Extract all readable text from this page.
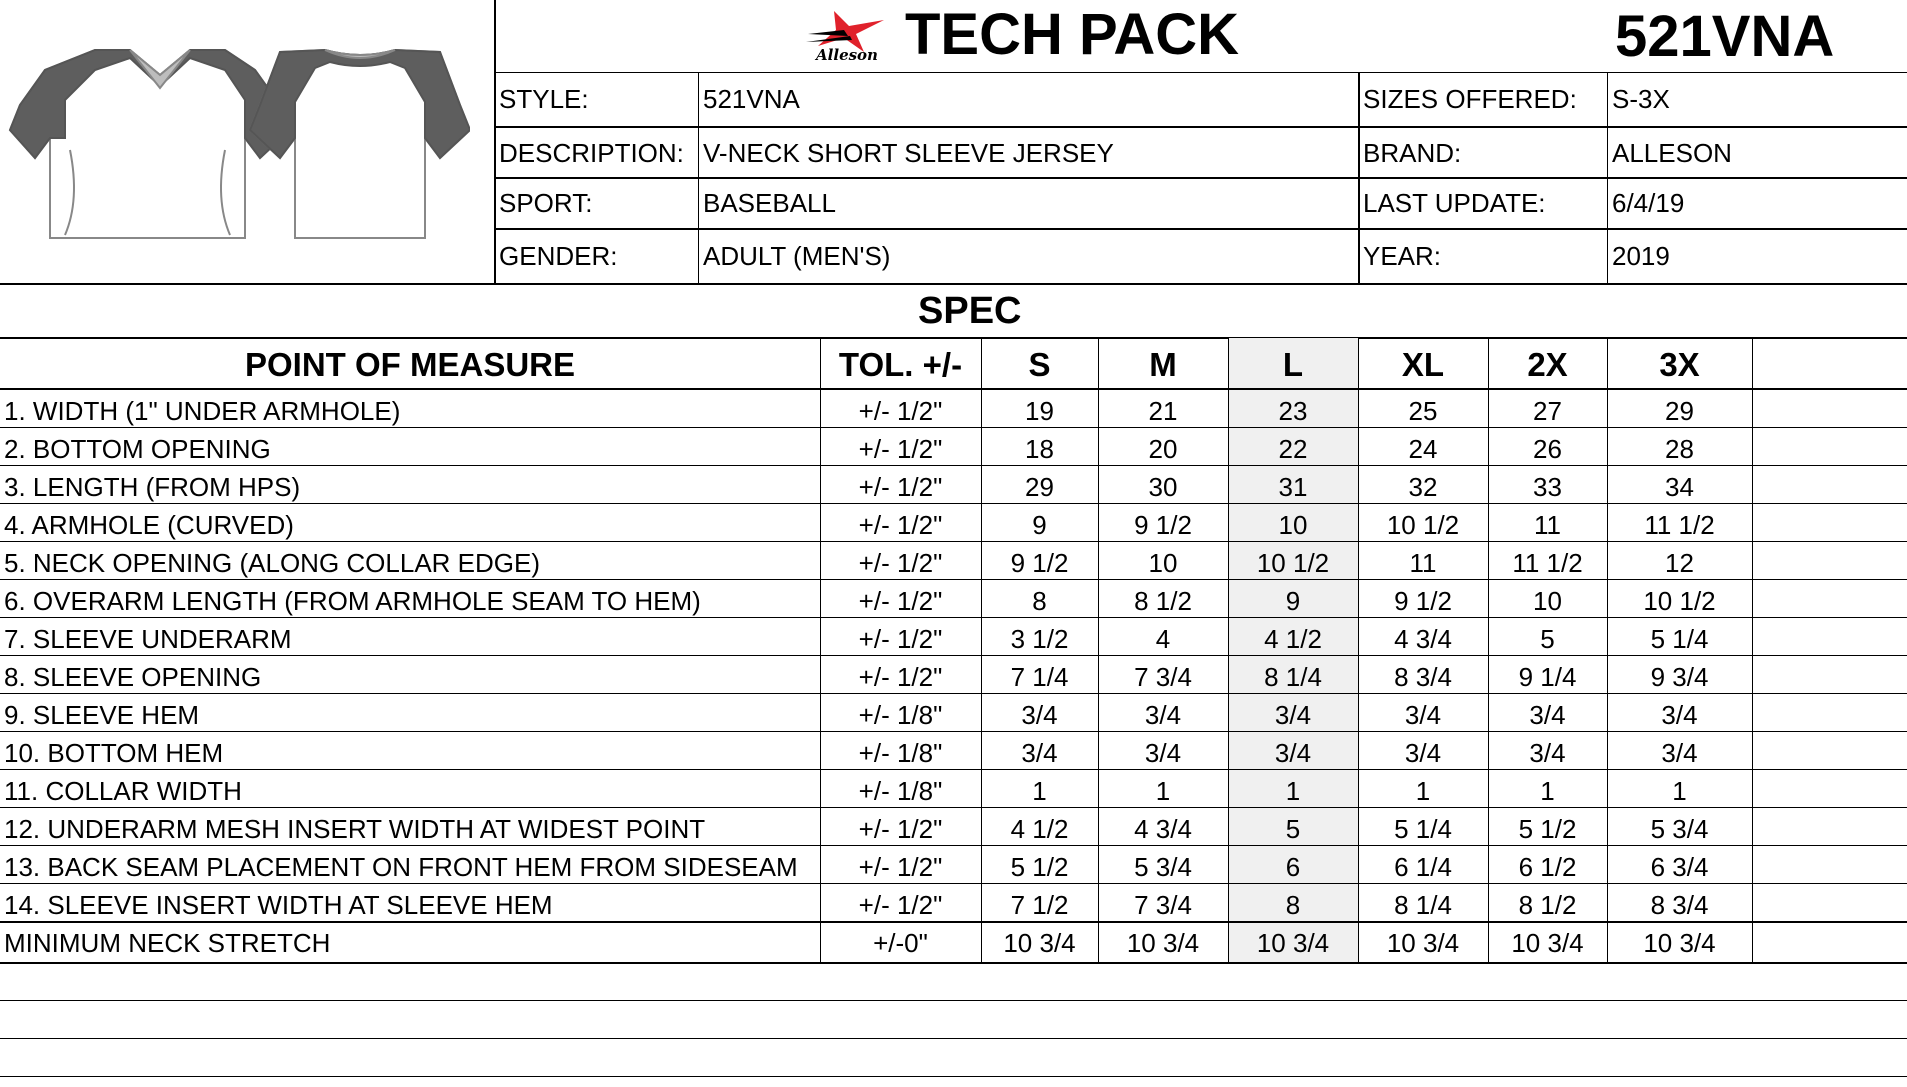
Alleson TECH PACK	521VNA
STYLE:	521VNA	SIZES OFFERED: S-3X
DESCRIPTION: V-NECK SHORT SLEEVE JERSEY	BRAND:	ALLESON
SPORT:	BASEBALL	LAST UPDATE:	6/4/19
GENDER:	ADULT (MEN'S)	YEAR:	2019
SPEC
POINT OF MEASURE	TOL. +/-	S	M	L	XL	2X	3X
1. WIDTH (1" UNDER ARMHOLE)	+/- 1/2"	19	21	23	25	27	29
2. BOTTOM OPENING	+/- 1/2"	18	20	22	24	26	28
3. LENGTH (FROM HPS)	+/- 1/2"	29	30	31	32	33	34
4. ARMHOLE (CURVED)	+/- 1/2"	9	9 1/2	10	10 1/2	11	11 1/2
5. NECK OPENING (ALONG COLLAR EDGE)	+/- 1/2"	9 1/2	10	10 1/2	11	11 1/2	12
6. OVERARM LENGTH (FROM ARMHOLE SEAM TO HEM)	+/- 1/2"	8	8 1/2	9	9 1/2	10	10 1/2
7. SLEEVE UNDERARM	+/- 1/2"	3 1/2	4	4 1/2	4 3/4	5	5 1/4
8. SLEEVE OPENING	+/- 1/2"	7 1/4	7 3/4	8 1/4	8 3/4	9 1/4	9 3/4
9. SLEEVE HEM	+/- 1/8"	3/4	3/4	3/4	3/4	3/4	3/4
10. BOTTOM HEM	+/- 1/8"	3/4	3/4	3/4	3/4	3/4	3/4
11. COLLAR WIDTH	+/- 1/8"	1	1	1	1	1	1
12. UNDERARM MESH INSERT WIDTH AT WIDEST POINT	+/- 1/2"	4 1/2	4 3/4	5	5 1/4	5 1/2	5 3/4
13. BACK SEAM PLACEMENT ON FRONT HEM FROM SIDESEAM	+/- 1/2"	5 1/2	5 3/4	6	6 1/4	6 1/2	6 3/4
14. SLEEVE INSERT WIDTH AT SLEEVE HEM	+/- 1/2"	7 1/2	7 3/4	8	8 1/4	8 1/2	8 3/4
MINIMUM NECK STRETCH	+/-0"	10 3/4	10 3/4	10 3/4	10 3/4	10 3/4	10 3/4
